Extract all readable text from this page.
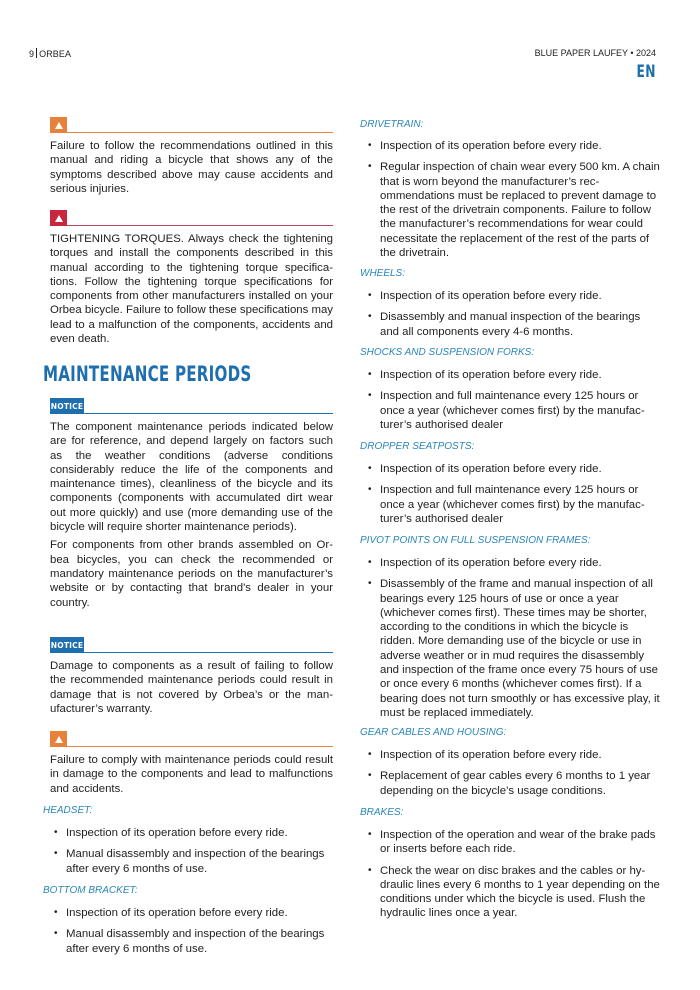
9 ORBEA	BLUE PAPER LAUFEY • 2024
EN

Failure to follow the recommendations outlined in this manual and riding a bicycle that shows any of the symptoms described above may cause accidents and serious injuries.

TIGHTENING TORQUES. Always check the tightening torques and install the components described in this manual according to the tightening torque specifications. Follow the tightening torque specifications for components from other manufacturers installed on your Orbea bicycle. Failure to follow these specifications may lead to a malfunction of the components, accidents and even death.

MAINTENANCE PERIODS
NOTICE

The component maintenance periods indicated below are for reference, and depend largely on factors such as the weather conditions (adverse conditions considerably reduce the life of the components and maintenance times), cleanliness of the bicycle and its components (components with accumulated dirt wear out more quickly) and use (more demanding use of the bicycle will require shorter maintenance periods).

For components from other brands assembled on Orbea bicycles, you can check the recommended or mandatory maintenance periods on the manufacturer’s website or by contacting that brand's dealer in your country.

NOTICE

Damage to components as a result of failing to follow the recommended maintenance periods could result in damage that is not covered by Orbea’s or the manufacturer’s warranty.

Failure to comply with maintenance periods could result in damage to the components and lead to malfunctions and accidents.

HEADSET:
• Inspection of its operation before every ride.
• Manual disassembly and inspection of the bearings after every 6 months of use.
BOTTOM BRACKET:
• Inspection of its operation before every ride.
• Manual disassembly and inspection of the bearings after every 6 months of use.
DRIVETRAIN:
• Inspection of its operation before every ride.
• Regular inspection of chain wear every 500 km. A chain that is worn beyond the manufacturer’s recommendations must be replaced to prevent damage to the rest of the drivetrain components. Failure to follow the manufacturer’s recommendations for wear could necessitate the replacement of the rest of the parts of the drivetrain.
WHEELS:
• Inspection of its operation before every ride.
• Disassembly and manual inspection of the bearings and all components every 4-6 months.
SHOCKS AND SUSPENSION FORKS:
• Inspection of its operation before every ride.
• Inspection and full maintenance every 125 hours or once a year (whichever comes first) by the manufacturer’s authorised dealer
DROPPER SEATPOSTS:
• Inspection of its operation before every ride.
• Inspection and full maintenance every 125 hours or once a year (whichever comes first) by the manufacturer’s authorised dealer
PIVOT POINTS ON FULL SUSPENSION FRAMES:
• Inspection of its operation before every ride.
• Disassembly of the frame and manual inspection of all bearings every 125 hours of use or once a year (whichever comes first). These times may be shorter, according to the conditions in which the bicycle is ridden. More demanding use of the bicycle or use in adverse weather or in mud requires the disassembly and inspection of the frame once every 75 hours of use or once every 6 months (whichever comes first). If a bearing does not turn smoothly or has excessive play, it must be replaced immediately.
GEAR CABLES AND HOUSING:
• Inspection of its operation before every ride.
• Replacement of gear cables every 6 months to 1 year depending on the bicycle’s usage conditions.
BRAKES:
• Inspection of the operation and wear of the brake pads or inserts before each ride.
• Check the wear on disc brakes and the cables or hydraulic lines every 6 months to 1 year depending on the conditions under which the bicycle is used. Flush the hydraulic lines once a year.
